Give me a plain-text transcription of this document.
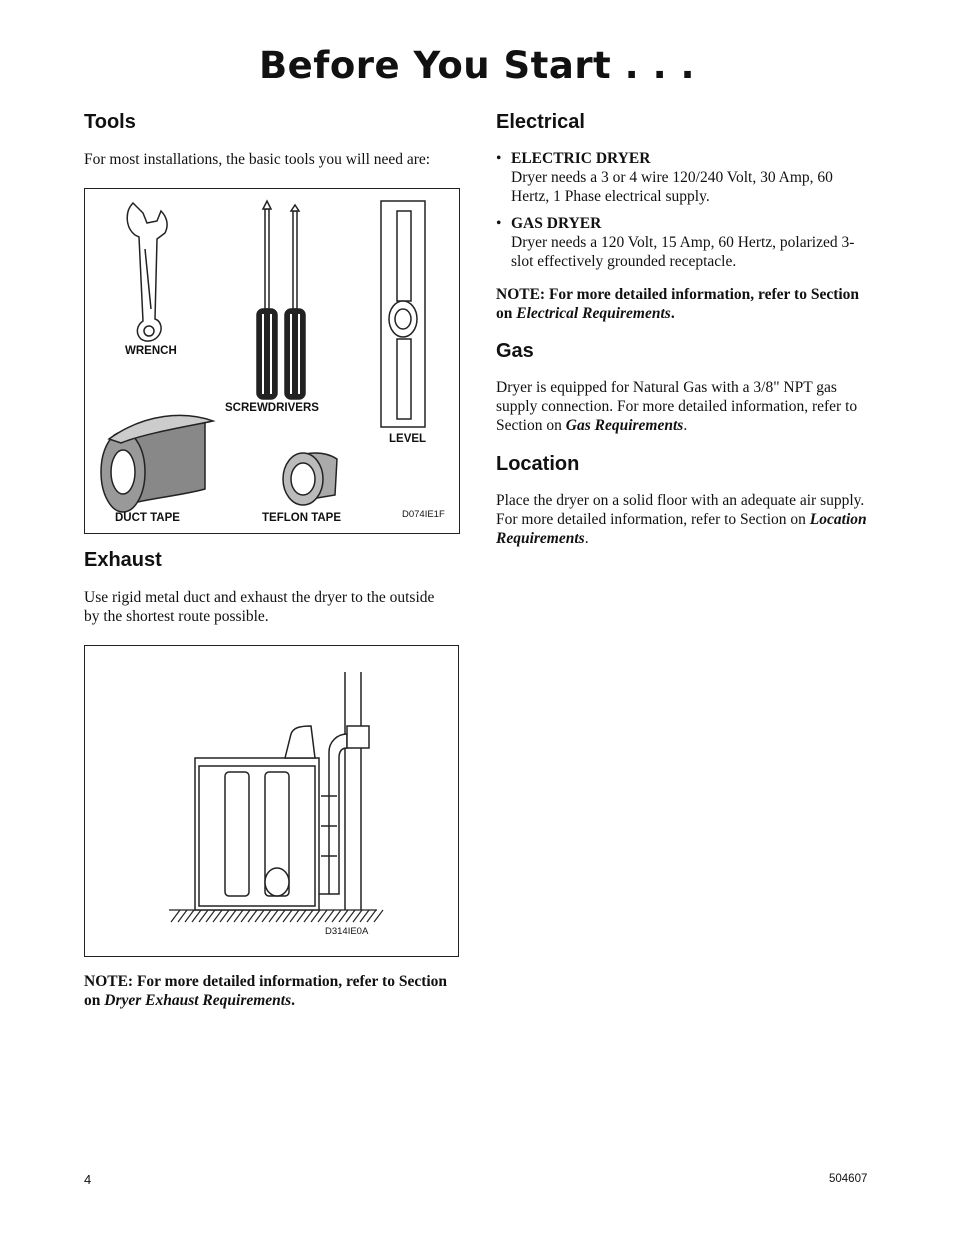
Before You Start . . .
Tools
For most installations, the basic tools you will need are:
WRENCH
SCREWDRIVERS
LEVEL
DUCT TAPE	TEFLON TAPE	D074IE1F
Exhaust
Use rigid metal duct and exhaust the dryer to the outside by the shortest route possible.
D314IE0A
NOTE: For more detailed information, refer to Section on Dryer Exhaust Requirements.
Electrical
• ELECTRIC DRYER
Dryer needs a 3 or 4 wire 120/240 Volt, 30 Amp, 60 Hertz, 1 Phase electrical supply.
• GAS DRYER
Dryer needs a 120 Volt, 15 Amp, 60 Hertz, polarized 3-slot effectively grounded receptacle.
NOTE: For more detailed information, refer to Section on Electrical Requirements.
Gas
Dryer is equipped for Natural Gas with a 3/8" NPT gas supply connection. For more detailed information, refer to Section on Gas Requirements.
Location
Place the dryer on a solid floor with an adequate air supply. For more detailed information, refer to Section on Location Requirements.
4	504607
